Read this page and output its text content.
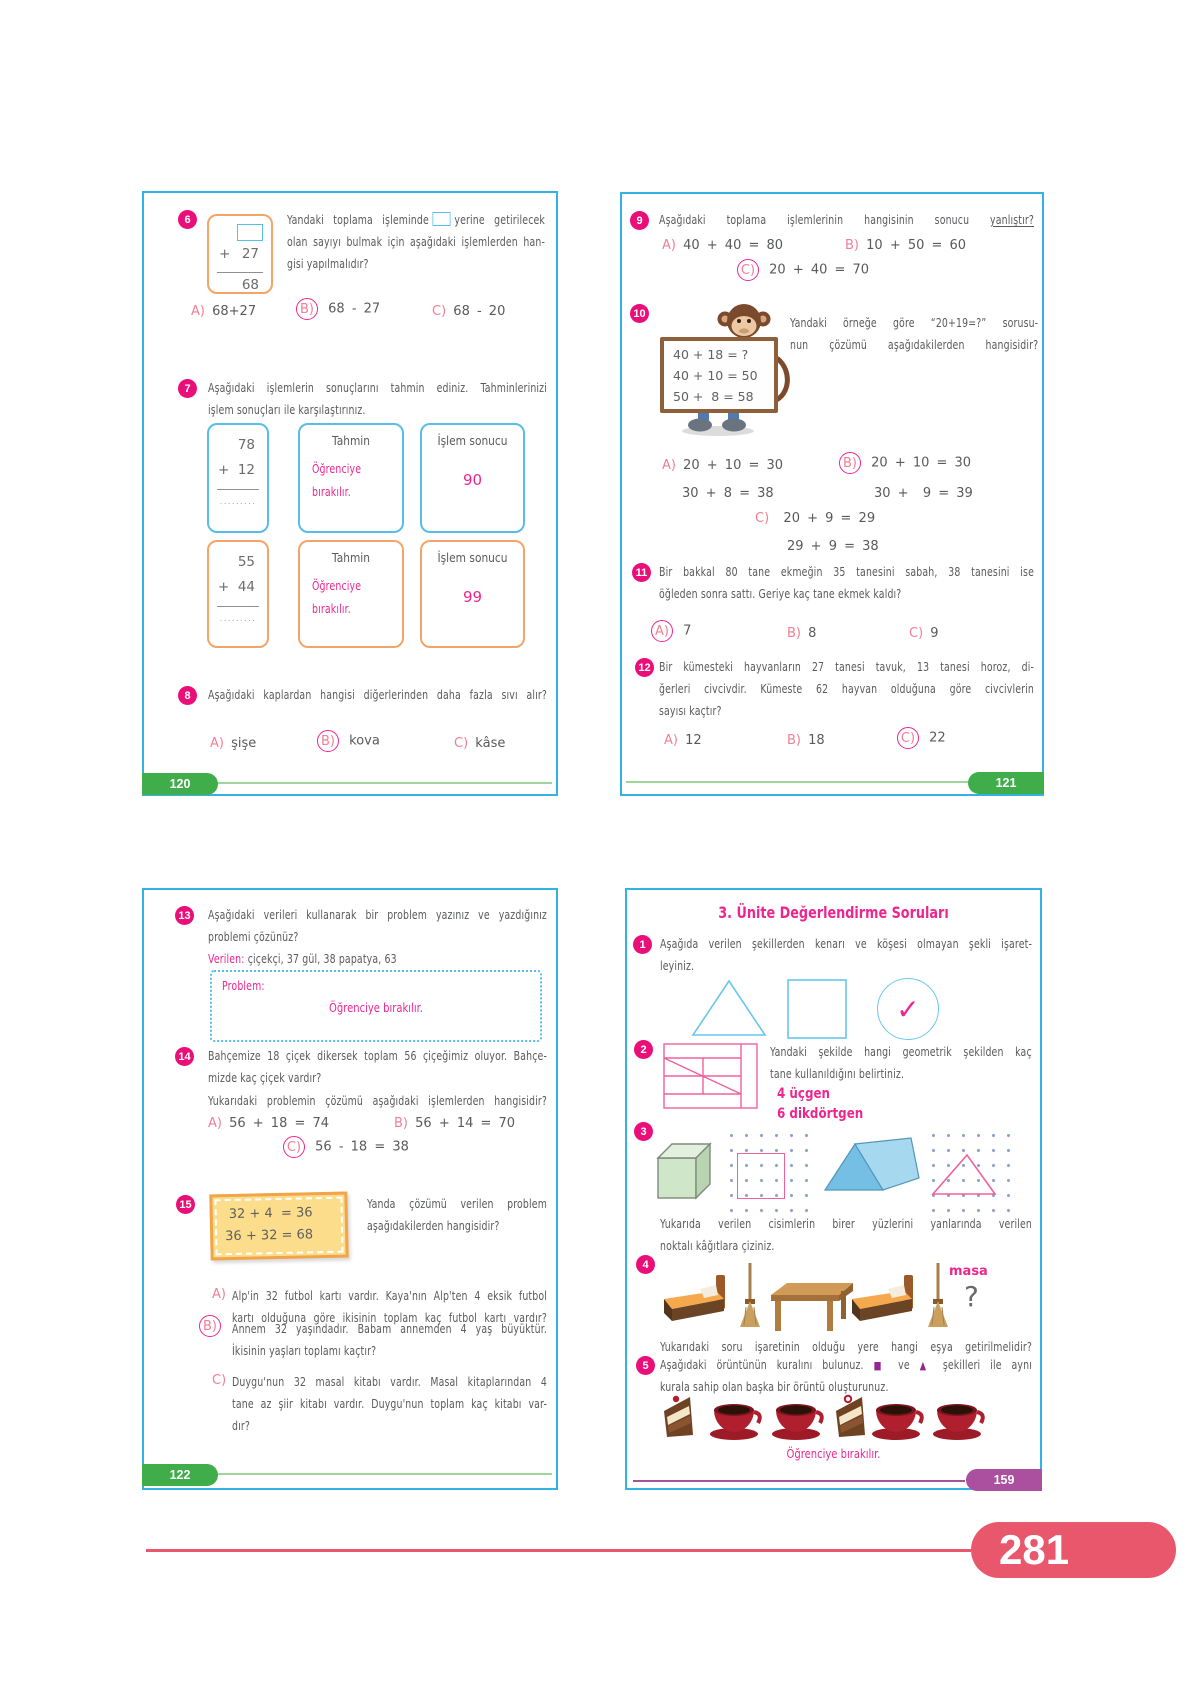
6
+ 27
68
Yandaki toplama işleminde yerine getirilecek
olan sayıyı bulmak için aşağıdaki işlemlerden han-
gisi yapılmalıdır?
A) 68+27	B) 68 - 27	C) 68 - 20
7	Aşağıdaki işlemlerin sonuçlarını tahmin ediniz. Tahminlerinizi
işlem sonuçları ile karşılaştırınız.
78
+ 12
.........
Tahmin
Öğrenciye
bırakılır.
İşlem sonucu
90
55
+ 44
.........
Tahmin
Öğrenciye
bırakılır.
İşlem sonucu
99
8	Aşağıdaki kaplardan hangisi diğerlerinden daha fazla sıvı alır?
A) şişe	B) kova	C) kâse
120
9	Aşağıdaki toplama işlemlerinin hangisinin sonucu yanlıştır?
A) 40 + 40 = 80	B) 10 + 50 = 60
C) 20 + 40 = 70
10
40 + 18 = ?
40 + 10 = 50
50 +  8 = 58
Yandaki örneğe göre “20+19=?” sorusu-
nun çözümü aşağıdakilerden hangisidir?
A) 20 + 10 = 30
30 + 8 = 38
B) 20 + 10 = 30
30 +  9 = 39
C) 20 + 9 = 29
29 + 9 = 38
11 Bir bakkal 80 tane ekmeğin 35 tanesini sabah, 38 tanesini ise
öğleden sonra sattı. Geriye kaç tane ekmek kaldı?
A) 7	B) 8	C) 9
12 Bir kümesteki hayvanların 27 tanesi tavuk, 13 tanesi horoz, di-
ğerleri civcivdir. Kümeste 62 hayvan olduğuna göre civcivlerin
sayısı kaçtır?
A) 12	B) 18	C) 22
121
13 Aşağıdaki verileri kullanarak bir problem yazınız ve yazdığınız
problemi çözünüz?
Verilen: çiçekçi, 37 gül, 38 papatya, 63
Problem:
Öğrenciye bırakılır.
14 Bahçemize 18 çiçek dikersek toplam 56 çiçeğimiz oluyor. Bahçe-
mizde kaç çiçek vardır?
Yukarıdaki problemin çözümü aşağıdaki işlemlerden hangisidir?
A) 56 + 18 = 74	B) 56 + 14 = 70
C) 56 - 18 = 38
15
32 + 4  = 36
36 + 32 = 68
Yanda çözümü verilen problem
aşağıdakilerden hangisidir?
A) Alp'in 32 futbol kartı vardır. Kaya'nın Alp'ten 4 eksik futbol
kartı olduğuna göre ikisinin toplam kaç futbol kartı vardır?
B) Annem 32 yaşındadır. Babam annemden 4 yaş büyüktür.
İkisinin yaşları toplamı kaçtır?
C) Duygu'nun 32 masal kitabı vardır. Masal kitaplarından 4
tane az şiir kitabı vardır. Duygu'nun toplam kaç kitabı var-
dır?
122
3. Ünite Değerlendirme Soruları
1	Aşağıda verilen şekillerden kenarı ve köşesi olmayan şekli işaret-
leyiniz.
✓
2	Yandaki şekilde hangi geometrik şekilden kaç
tane kullanıldığını belirtiniz.
4 üçgen
6 dikdörtgen
3
Yukarıda verilen cisimlerin birer yüzlerini yanlarında verilen
noktalı kâğıtlara çiziniz.
4	masa
?
Yukarıdaki soru işaretinin olduğu yere hangi eşya getirilmelidir?
5 Aşağıdaki örüntünün kuralını bulunuz. ■ ve ▲ şekilleri ile aynı
kurala sahip olan başka bir örüntü oluşturunuz.
Öğrenciye bırakılır.
159
281
